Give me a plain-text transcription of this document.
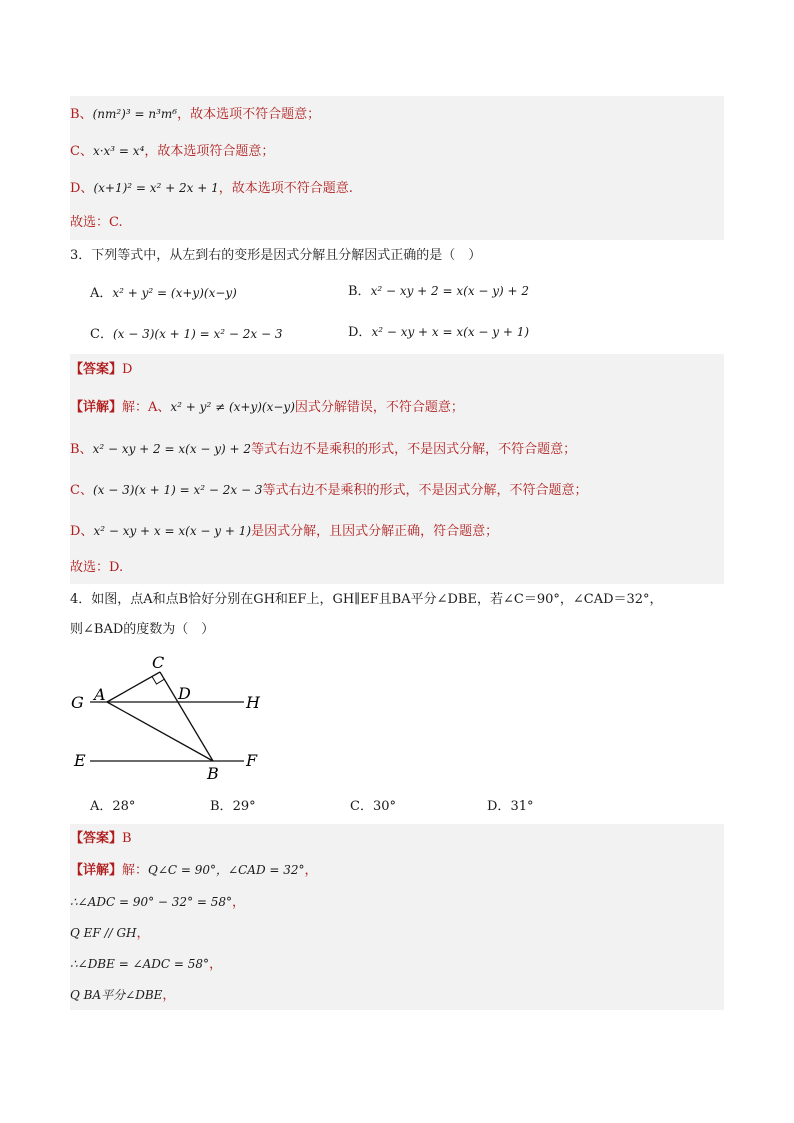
B、(nm²)³ = n³m⁶，故本选项不符合题意；
C、x·x³ = x⁴，故本选项符合题意；
D、(x+1)² = x² + 2x + 1，故本选项不符合题意.
故选：C.
3．下列等式中，从左到右的变形是因式分解且分解因式正确的是（　）
A．x² + y² = (x+y)(x−y)	B．x² − xy + 2 = x(x − y) + 2
C．(x − 3)(x + 1) = x² − 2x − 3	D．x² − xy + x = x(x − y + 1)
【答案】D
【详解】解：A、x² + y² ≠ (x+y)(x−y)因式分解错误，不符合题意；
B、x² − xy + 2 = x(x − y) + 2等式右边不是乘积的形式，不是因式分解，不符合题意；
C、(x − 3)(x + 1) = x² − 2x − 3等式右边不是乘积的形式，不是因式分解，不符合题意；
D、x² − xy + x = x(x − y + 1)是因式分解，且因式分解正确，符合题意；
故选：D.
4．如图，点A和点B恰好分别在GH和EF上，GH∥EF且BA平分∠DBE，若∠C＝90°，∠CAD＝32°，
则∠BAD的度数为（　）
C
A	D
G	H
E
B
F
A．28°	B．29°	C．30°	D．31°
【答案】B
【详解】解：Q∠C = 90°，∠CAD = 32°，
∴∠ADC = 90° − 32° = 58°，
Q EF // GH，
∴∠DBE = ∠ADC = 58°，
Q BA平分∠DBE，
